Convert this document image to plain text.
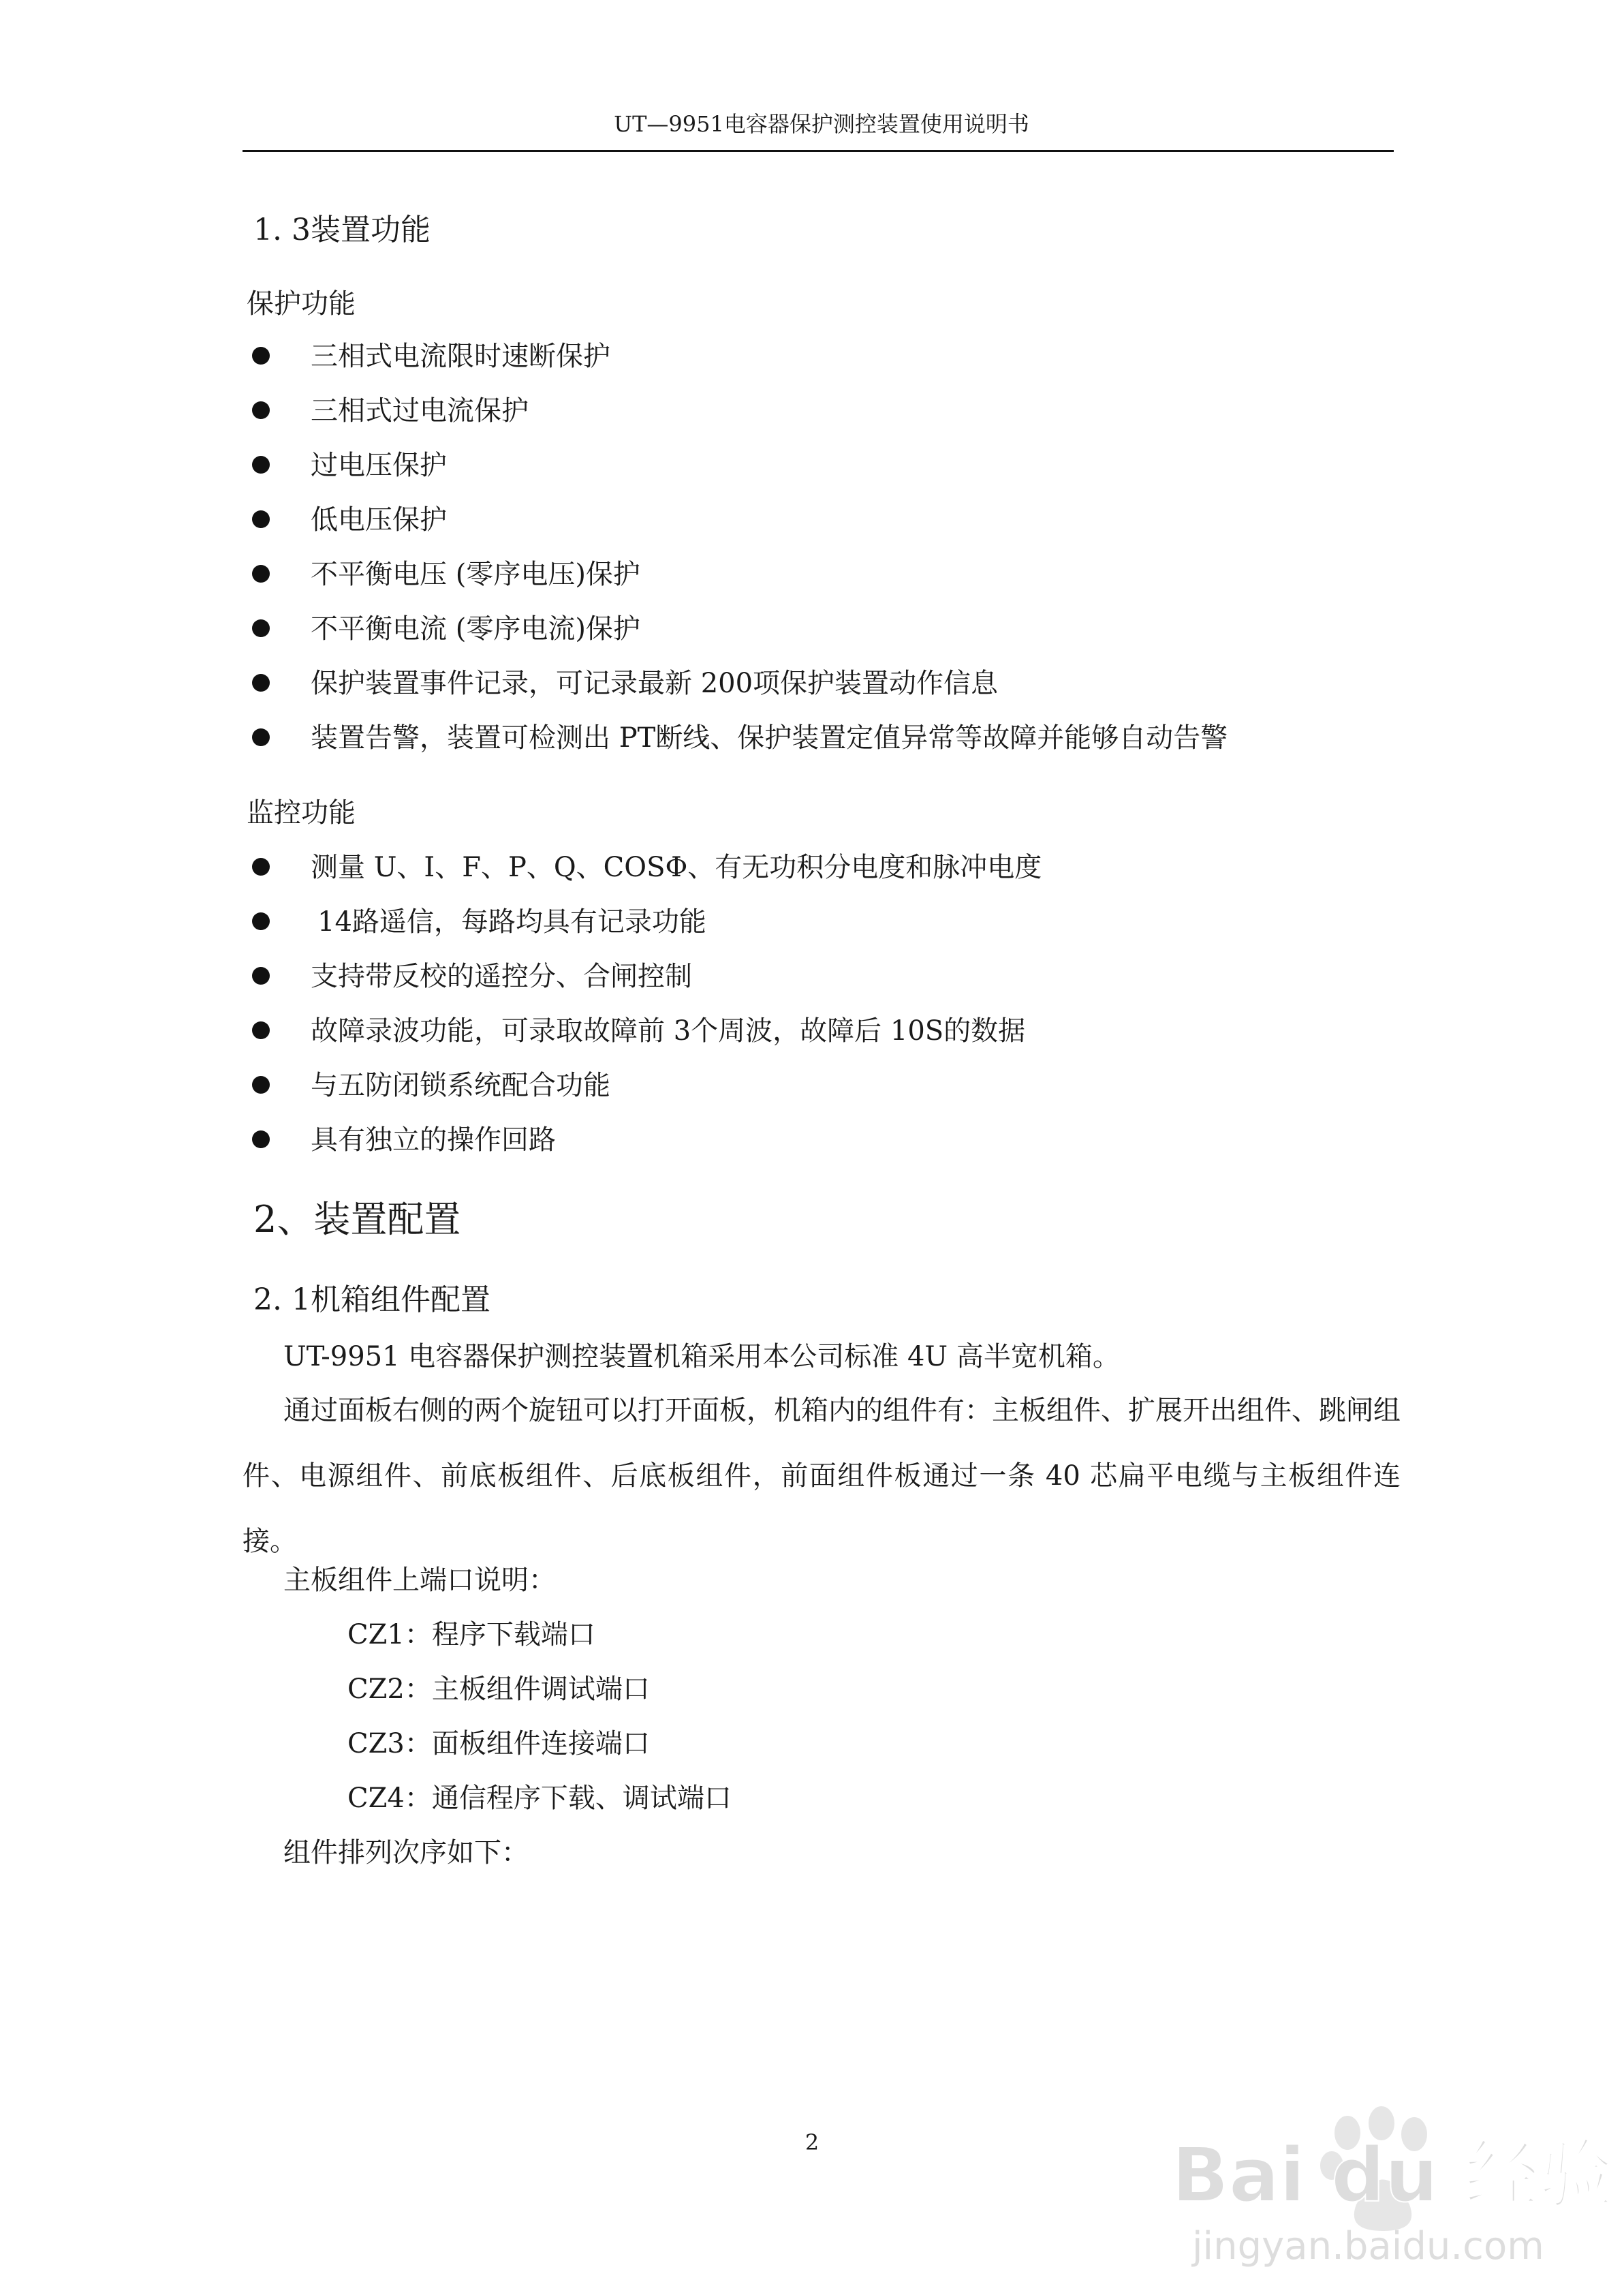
UT—9951电容器保护测控装置使用说明书
1. 3装置功能
保护功能
三相式电流限时速断保护
三相式过电流保护
过电压保护
低电压保护
不平衡电压 (零序电压)保护
不平衡电流 (零序电流)保护
保护装置事件记录，可记录最新 200项保护装置动作信息
装置告警，装置可检测出 PT断线、保护装置定值异常等故障并能够自动告警
监控功能
测量 U、I、F、P、Q、COSΦ、有无功积分电度和脉冲电度
14路遥信，每路均具有记录功能
支持带反校的遥控分、合闸控制
故障录波功能，可录取故障前 3个周波，故障后 10S的数据
与五防闭锁系统配合功能
具有独立的操作回路
2、装置配置
2. 1机箱组件配置
UT-9951 电容器保护测控装置机箱采用本公司标准 4U 高半宽机箱。
通过面板右侧的两个旋钮可以打开面板，机箱内的组件有：主板组件、扩展开出组件、跳闸组件、电源组件、前底板组件、后底板组件，前面组件板通过一条 40 芯扁平电缆与主板组件连接。
主板组件上端口说明：
CZ1：程序下载端口
CZ2：主板组件调试端口
CZ3：面板组件连接端口
CZ4：通信程序下载、调试端口
组件排列次序如下：
2	Bai du 经验
jingyan.baidu.com
